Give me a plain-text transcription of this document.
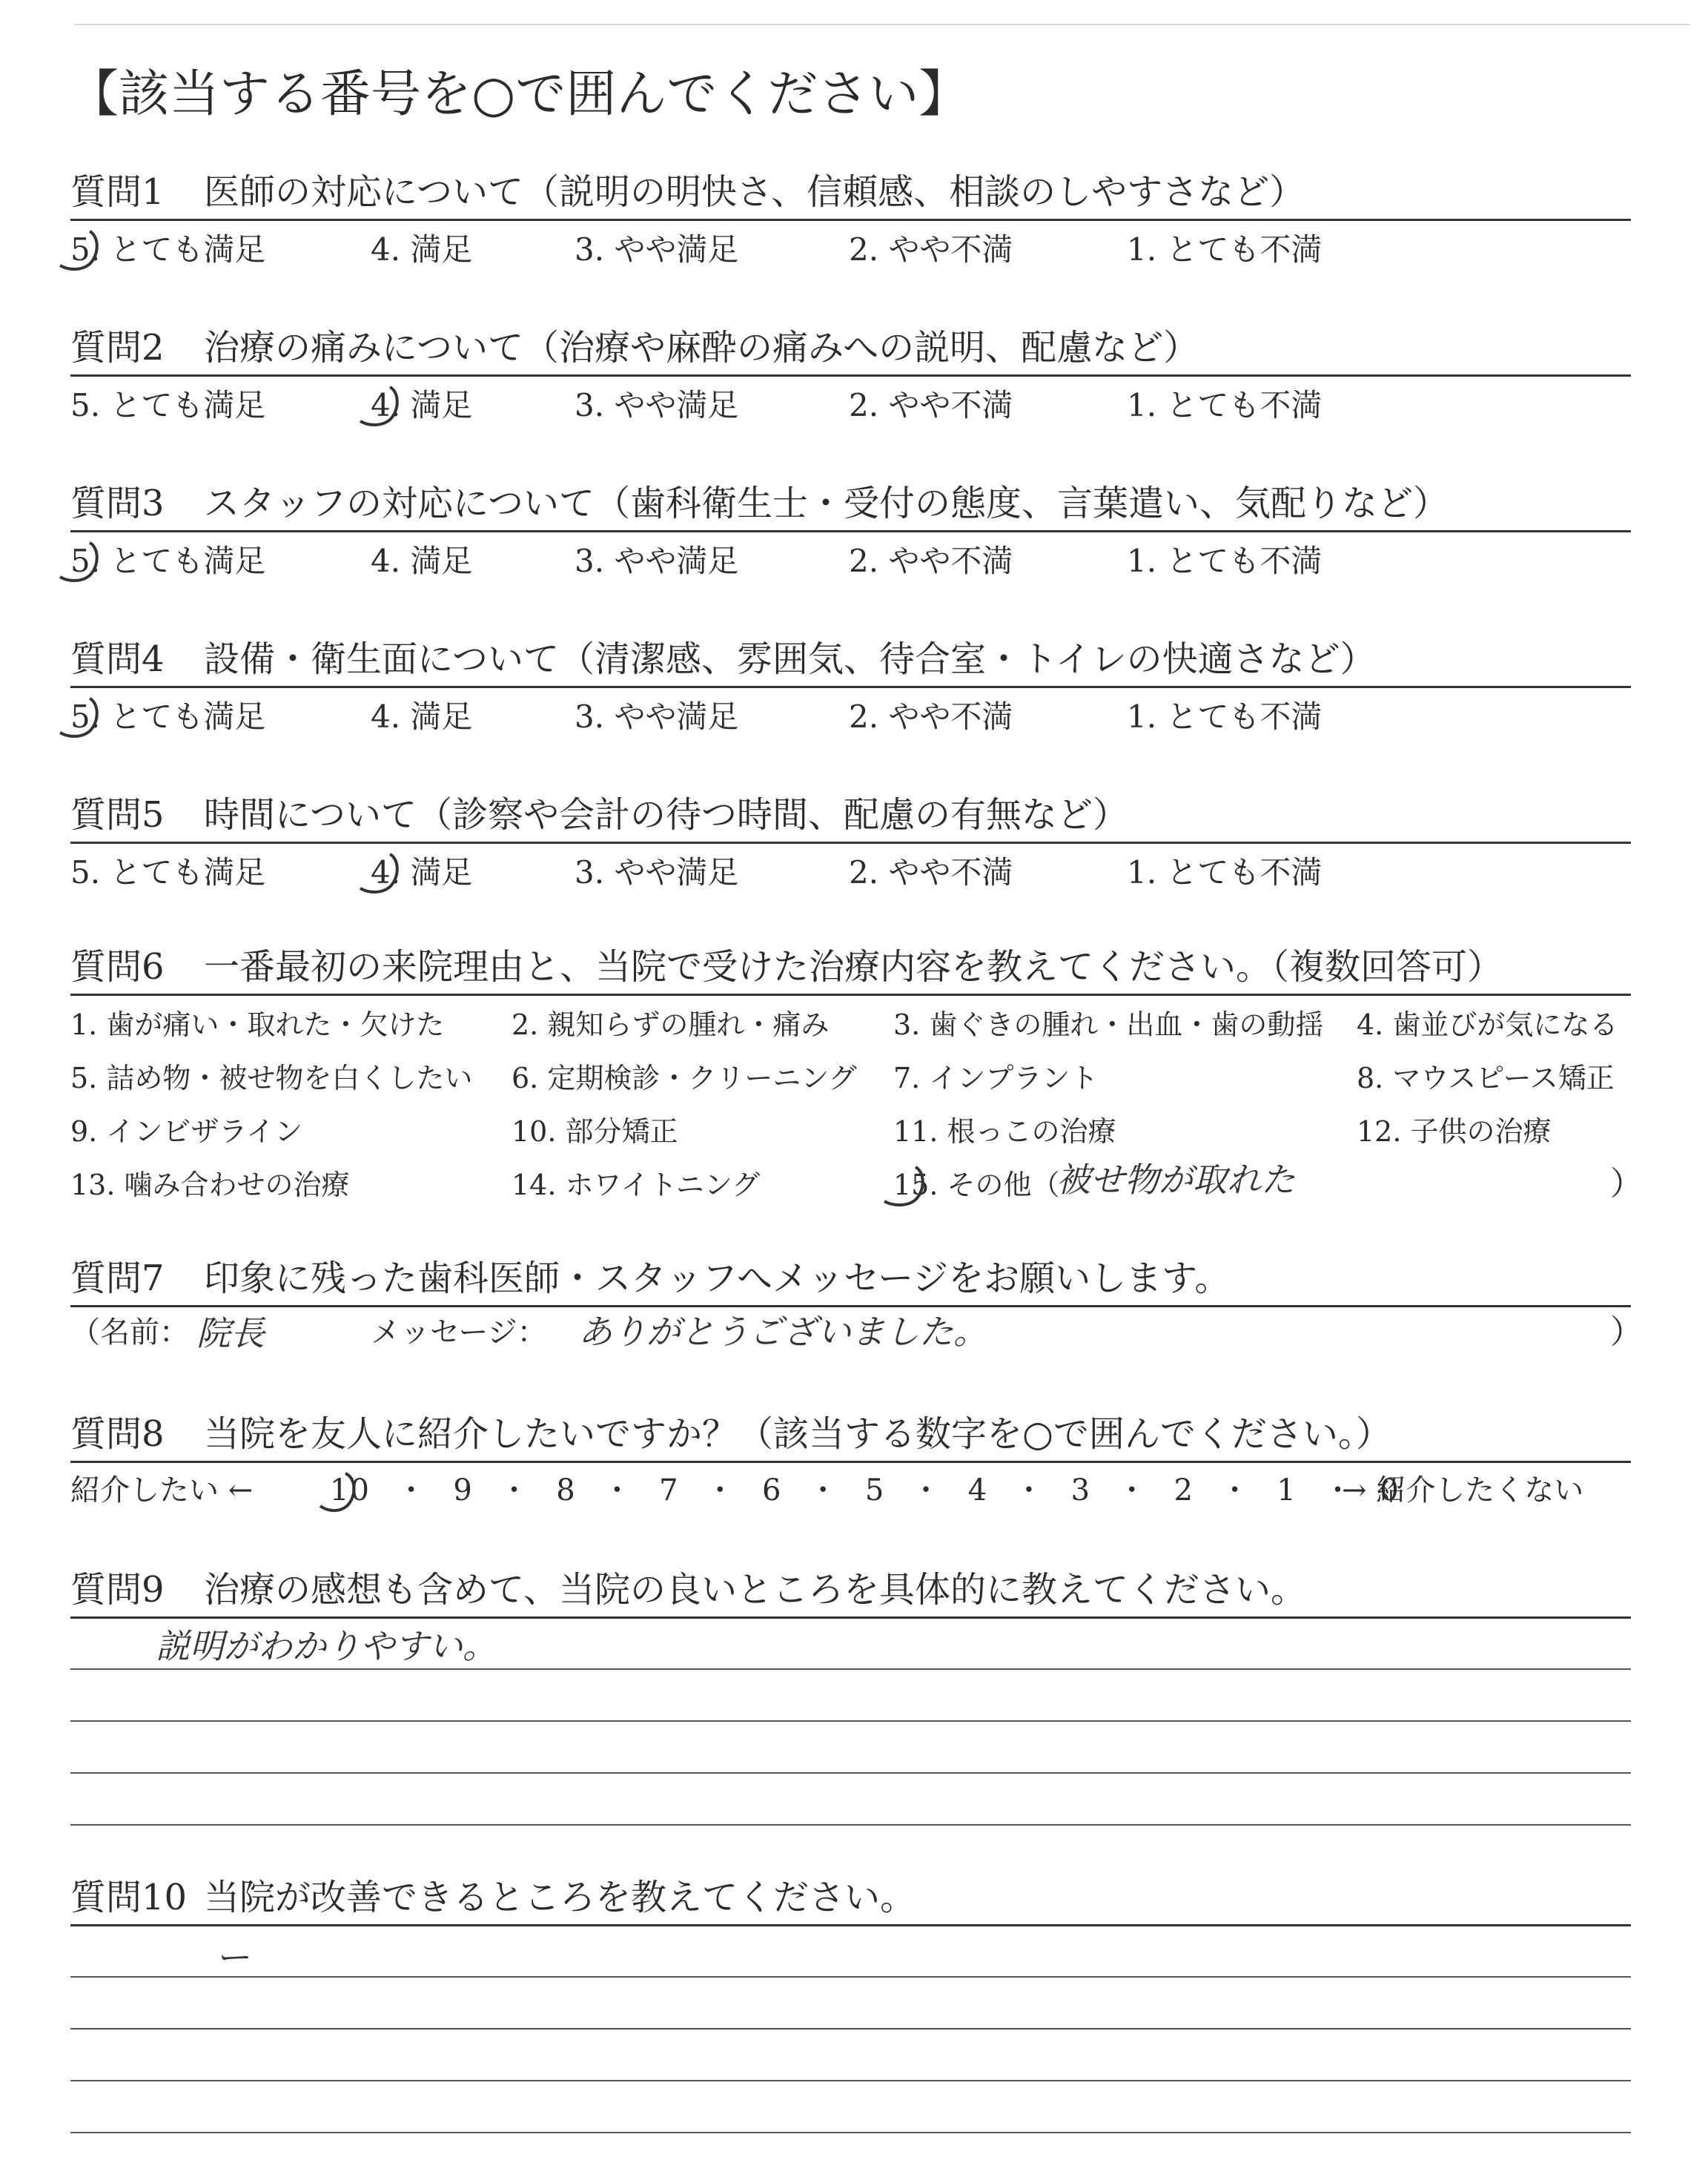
【該当する番号を○で囲んでください】
質問1 医師の対応について（説明の明快さ、信頼感、相談のしやすさなど）
5. とても満足	4. 満足	3. やや満足	2. やや不満	1. とても不満
質問2 治療の痛みについて（治療や麻酔の痛みへの説明、配慮など）
5. とても満足	4. 満足	3. やや満足	2. やや不満	1. とても不満
質問3 スタッフの対応について（歯科衛生士・受付の態度、言葉遣い、気配りなど）
5. とても満足	4. 満足	3. やや満足	2. やや不満	1. とても不満
質問4 設備・衛生面について（清潔感、雰囲気、待合室・トイレの快適さなど）
5. とても満足	4. 満足	3. やや満足	2. やや不満	1. とても不満
質問5 時間について（診察や会計の待つ時間、配慮の有無など）
5. とても満足	4. 満足	3. やや満足	2. やや不満	1. とても不満
質問6 一番最初の来院理由と、当院で受けた治療内容を教えてください。（複数回答可）
1. 歯が痛い・取れた・欠けた 2. 親知らずの腫れ・痛み 3. 歯ぐきの腫れ・出血・歯の動揺 4. 歯並びが気になる
5. 詰め物・被せ物を白くしたい 6. 定期検診・クリーニング 7. インプラント	8. マウスピース矯正
9. インビザライン	10. 部分矯正	11. 根っこの治療	12. 子供の治療
13. 噛み合わせの治療	14. ホワイトニング	15. その他（
被せ物が取れた	）
質問7 印象に残った歯科医師・スタッフへメッセージをお願いします。
（名前： 院長	メッセージ： ありがとうございました。	）
質問8 当院を友人に紹介したいですか？（該当する数字を○で囲んでください。）
紹介したい ←	10 ・ 9 ・ 8 ・ 7 ・ 6 ・ 5 ・ 4 ・ 3 ・ 2 ・ 1 ・ 0
→ 紹介したくない
質問9 治療の感想も含めて、当院の良いところを具体的に教えてください。
説明がわかりやすい。
質問10 当院が改善できるところを教えてください。
ー
